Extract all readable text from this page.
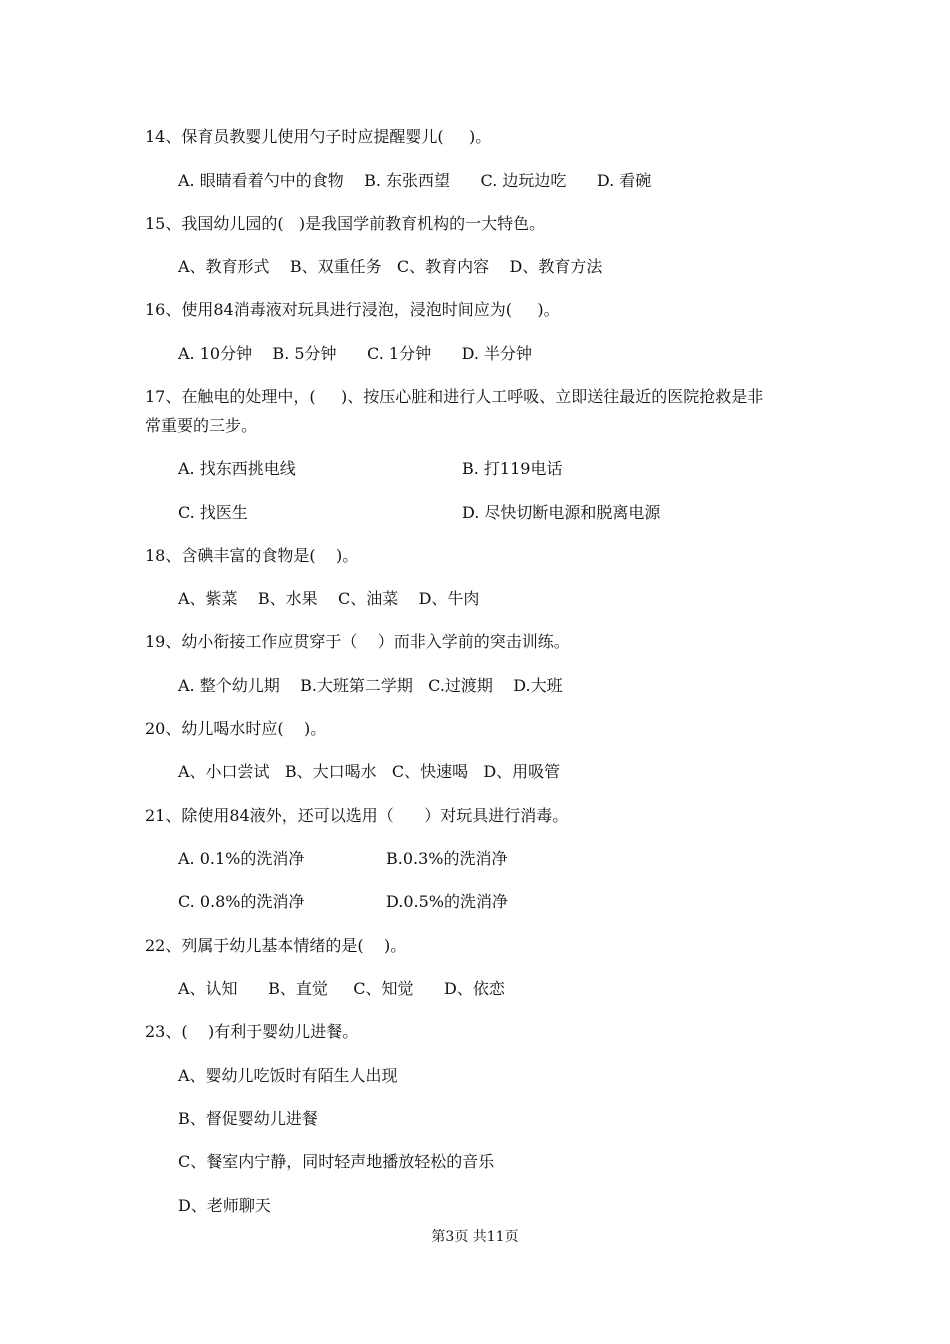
14、保育员教婴儿使用勺子时应提醒婴儿(     )。
A. 眼睛看着勺中的食物    B. 东张西望      C. 边玩边吃      D. 看碗
15、我国幼儿园的(   )是我国学前教育机构的一大特色。
A、教育形式    B、双重任务   C、教育内容    D、教育方法
16、使用84消毒液对玩具进行浸泡，浸泡时间应为(     )。
A. 10分钟    B. 5分钟      C. 1分钟      D. 半分钟
17、在触电的处理中，(     )、按压心脏和进行人工呼吸、立即送往最近的医院抢救是非
常重要的三步。
A. 找东西挑电线	B. 打119电话
C. 找医生	D. 尽快切断电源和脱离电源
18、含碘丰富的食物是(    )。
A、紫菜    B、水果    C、油菜    D、牛肉
19、幼小衔接工作应贯穿于（    ）而非入学前的突击训练。
A. 整个幼儿期    B.大班第二学期   C.过渡期    D.大班
20、幼儿喝水时应(    )。
A、小口尝试   B、大口喝水   C、快速喝   D、用吸管
21、除使用84液外，还可以选用（      ）对玩具进行消毒。
A. 0.1%的洗消净	B.0.3%的洗消净
C. 0.8%的洗消净	D.0.5%的洗消净
22、列属于幼儿基本情绪的是(    )。
A、认知      B、直觉     C、知觉      D、依恋
23、(    )有利于婴幼儿进餐。
A、婴幼儿吃饭时有陌生人出现
B、督促婴幼儿进餐
C、餐室内宁静，同时轻声地播放轻松的音乐
D、老师聊天
第3页 共11页
